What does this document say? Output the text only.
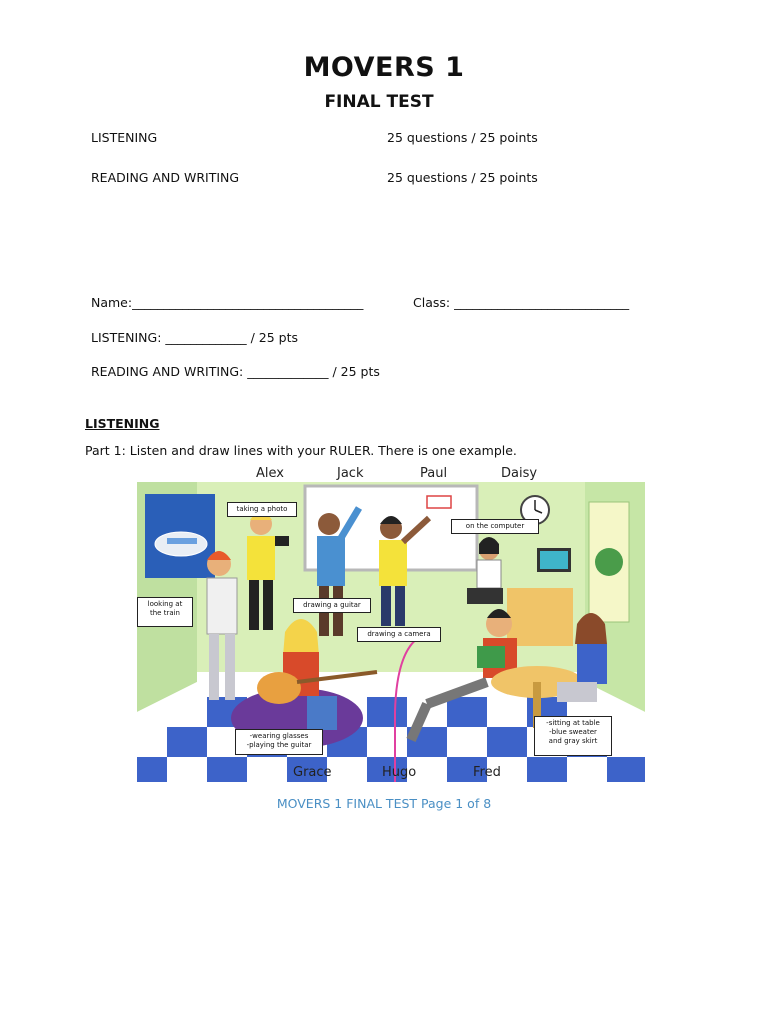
MOVERS 1
FINAL TEST
LISTENING	25 questions / 25 points
READING AND WRITING	25 questions / 25 points
Name:_____________________________________	Class: ____________________________
LISTENING: _____________ / 25 pts
READING AND WRITING: _____________ / 25 pts
LISTENING
Part 1: Listen and draw lines with your RULER. There is one example.
Alex	Jack	Paul	Daisy
taking a photo
on the computer
looking at
the train
drawing a guitar
drawing a camera
-wearing glasses
-playing the guitar
-sitting at table
-blue sweater
and gray skirt
Grace	Hugo	Fred
MOVERS 1 FINAL TEST Page 1 of 8
